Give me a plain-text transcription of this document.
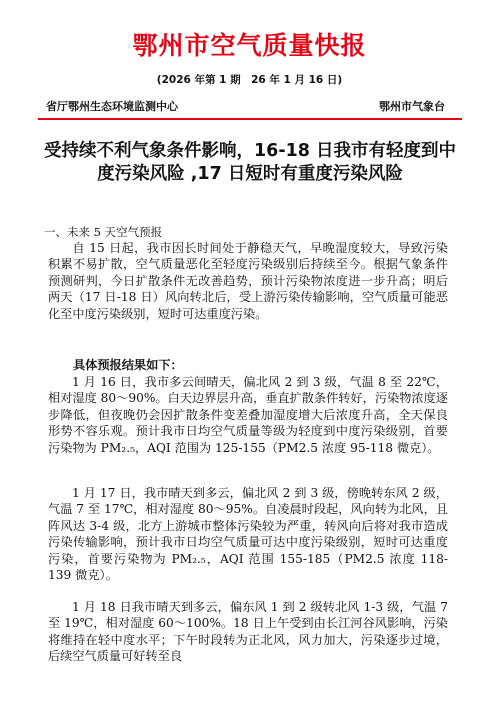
鄂州市空气质量快报
(2026 年第 1 期　26 年 1 月 16 日)
省厅鄂州生态环境监测中心	鄂州市气象台
受持续不利气象条件影响，16-18 日我市有轻度到中度污染风险 ,17 日短时有重度污染风险
一、未来 5 天空气预报

自 15 日起，我市因长时间处于静稳天气，早晚湿度较大，导致污染积累不易扩散，空气质量恶化至轻度污染级别后持续至今。根据气象条件预测研判，今日扩散条件无改善趋势，预计污染物浓度进一步升高；明后两天（17 日-18 日）风向转北后，受上游污染传输影响，空气质量可能恶化至中度污染级别，短时可达重度污染。

具体预报结果如下：

1 月 16 日，我市多云间晴天，偏北风 2 到 3 级，气温 8 至 22℃，相对湿度 80～90%。白天边界层升高，垂直扩散条件转好，污染物浓度逐步降低，但夜晚仍会因扩散条件变差叠加湿度增大后浓度升高，全天保良形势不容乐观。预计我市日均空气质量等级为轻度到中度污染级别，首要污染物为 PM₂.₅，AQI 范围为 125-155（PM2.5 浓度 95-118 微克）。

1 月 17 日，我市晴天到多云，偏北风 2 到 3 级，傍晚转东风 2 级，气温 7 至 17℃，相对湿度 80～95%。自凌晨时段起，风向转为北风，且阵风达 3-4 级，北方上游城市整体污染较为严重，转风向后将对我市造成污染传输影响，预计我市日均空气质量可达中度污染级别，短时可达重度污染，首要污染物为 PM₂.₅，AQI 范围 155-185（PM2.5 浓度 118-139 微克）。

1 月 18 日我市晴天到多云，偏东风 1 到 2 级转北风 1-3 级，气温 7 至 19℃，相对湿度 60～100%。18 日上午受到由长江河谷风影响，污染将维持在轻中度水平；下午时段转为正北风，风力加大，污染逐步过境，后续空气质量可好转至良
